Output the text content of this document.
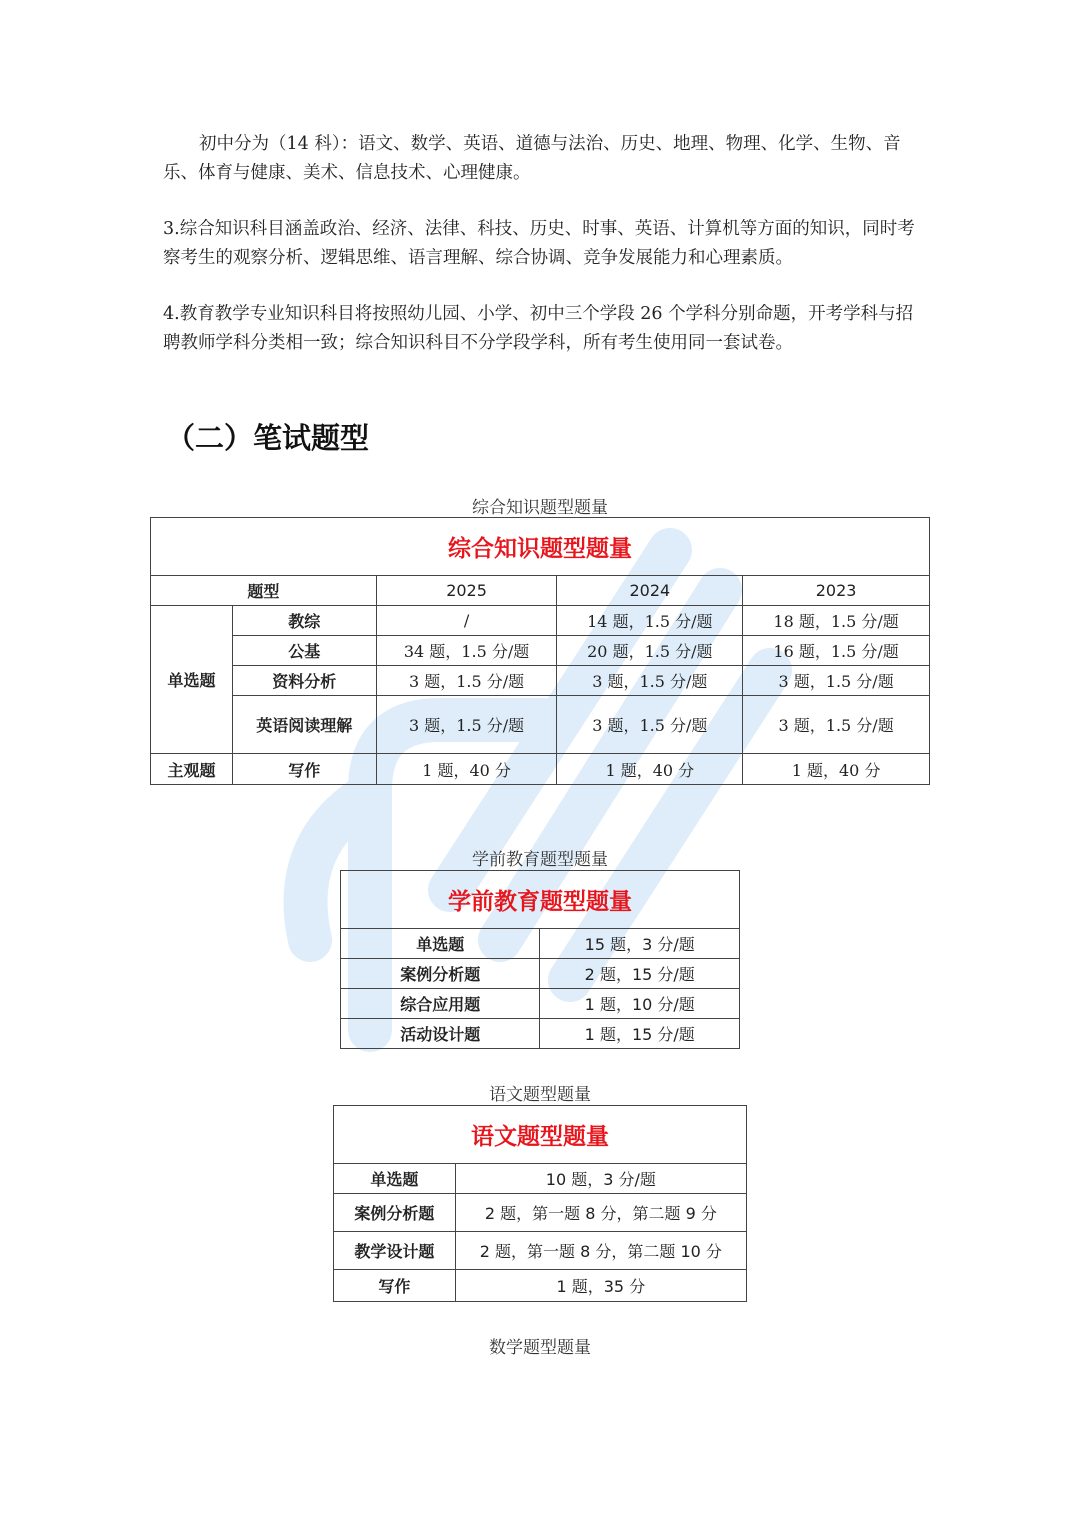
初中分为（14 科）：语文、数学、英语、道德与法治、历史、地理、物理、化学、生物、音乐、体育与健康、美术、信息技术、心理健康。

3.综合知识科目涵盖政治、经济、法律、科技、历史、时事、英语、计算机等方面的知识，同时考察考生的观察分析、逻辑思维、语言理解、综合协调、竞争发展能力和心理素质。

4.教育教学专业知识科目将按照幼儿园、小学、初中三个学段 26 个学科分别命题，开考学科与招聘教师学科分类相一致；综合知识科目不分学段学科，所有考生使用同一套试卷。

（二）笔试题型
综合知识题型题量
综合知识题型题量				
题型		2025	2024	2023
单选题	教综	/	14 题，1.5 分/题	18 题，1.5 分/题
	公基	34 题，1.5 分/题	20 题，1.5 分/题	16 题，1.5 分/题
	资料分析	3 题，1.5 分/题	3 题，1.5 分/题	3 题，1.5 分/题
	英语阅读理解	3 题，1.5 分/题	3 题，1.5 分/题	3 题，1.5 分/题
主观题	写作	1 题，40 分	1 题，40 分	1 题，40 分
学前教育题型题量
学前教育题型题量	
单选题	15 题，3 分/题
案例分析题	2 题，15 分/题
综合应用题	1 题，10 分/题
活动设计题	1 题，15 分/题
语文题型题量
语文题型题量	
单选题	10 题，3 分/题
案例分析题	2 题，第一题 8 分，第二题 9 分
教学设计题	2 题，第一题 8 分，第二题 10 分
写作	1 题，35 分
数学题型题量
